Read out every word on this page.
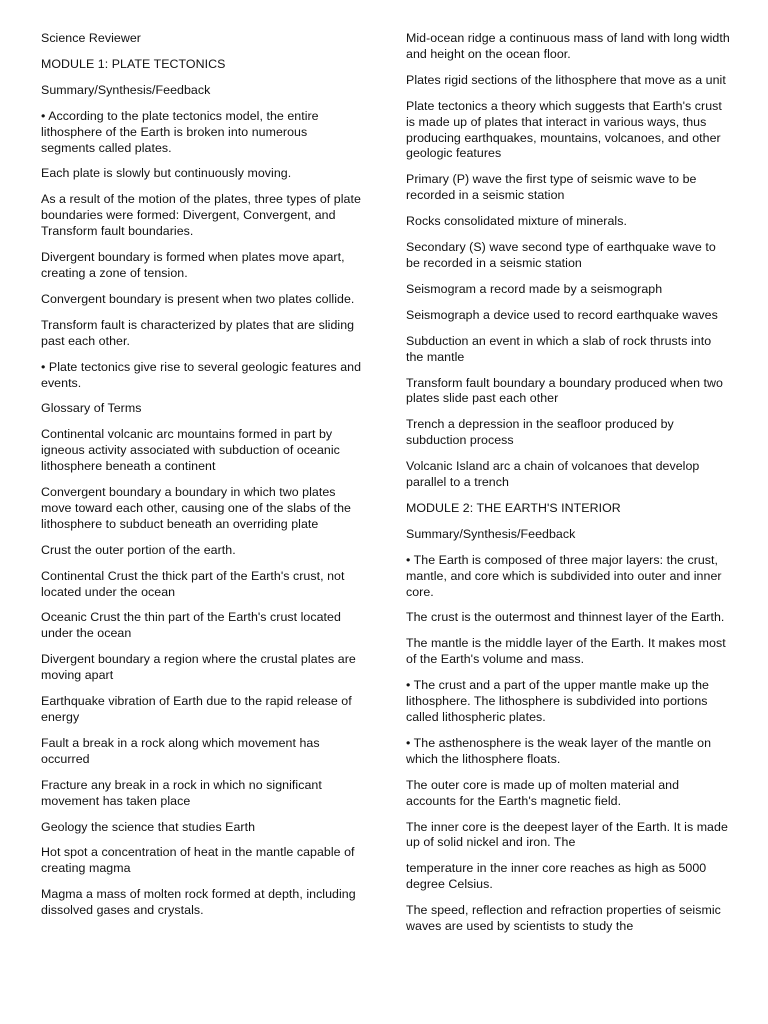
Science Reviewer

MODULE 1: PLATE TECTONICS

Summary/Synthesis/Feedback

• According to the plate tectonics model, the entire lithosphere of the Earth is broken into numerous segments called plates.

Each plate is slowly but continuously moving.

As a result of the motion of the plates, three types of plate boundaries were formed: Divergent, Convergent, and Transform fault boundaries.

Divergent boundary is formed when plates move apart, creating a zone of tension.

Convergent boundary is present when two plates collide.

Transform fault is characterized by plates that are sliding past each other.

• Plate tectonics give rise to several geologic features and events.

Glossary of Terms

Continental volcanic arc mountains formed in part by igneous activity associated with subduction of oceanic lithosphere beneath a continent

Convergent boundary a boundary in which two plates move toward each other, causing one of the slabs of the lithosphere to subduct beneath an overriding plate

Crust the outer portion of the earth.

Continental Crust the thick part of the Earth's crust, not located under the ocean

Oceanic Crust the thin part of the Earth's crust located under the ocean

Divergent boundary a region where the crustal plates are moving apart

Earthquake vibration of Earth due to the rapid release of energy

Fault a break in a rock along which movement has occurred

Fracture any break in a rock in which no significant movement has taken place

Geology the science that studies Earth

Hot spot a concentration of heat in the mantle capable of creating magma

Magma a mass of molten rock formed at depth, including dissolved gases and crystals.

Mid-ocean ridge a continuous mass of land with long width and height on the ocean floor.

Plates rigid sections of the lithosphere that move as a unit

Plate tectonics a theory which suggests that Earth's crust is made up of plates that interact in various ways, thus producing earthquakes, mountains, volcanoes, and other geologic features

Primary (P) wave the first type of seismic wave to be recorded in a seismic station

Rocks consolidated mixture of minerals.

Secondary (S) wave second type of earthquake wave to be recorded in a seismic station

Seismogram a record made by a seismograph

Seismograph a device used to record earthquake waves

Subduction an event in which a slab of rock thrusts into the mantle

Transform fault boundary a boundary produced when two plates slide past each other

Trench a depression in the seafloor produced by subduction process

Volcanic Island arc a chain of volcanoes that develop parallel to a trench

MODULE 2: THE EARTH'S INTERIOR

Summary/Synthesis/Feedback

• The Earth is composed of three major layers: the crust, mantle, and core which is subdivided into outer and inner core.

The crust is the outermost and thinnest layer of the Earth.

The mantle is the middle layer of the Earth. It makes most of the Earth's volume and mass.

• The crust and a part of the upper mantle make up the lithosphere. The lithosphere is subdivided into portions called lithospheric plates.

• The asthenosphere is the weak layer of the mantle on which the lithosphere floats.

The outer core is made up of molten material and accounts for the Earth's magnetic field.

The inner core is the deepest layer of the Earth. It is made up of solid nickel and iron. The

temperature in the inner core reaches as high as 5000 degree Celsius.

The speed, reflection and refraction properties of seismic waves are used by scientists to study the
